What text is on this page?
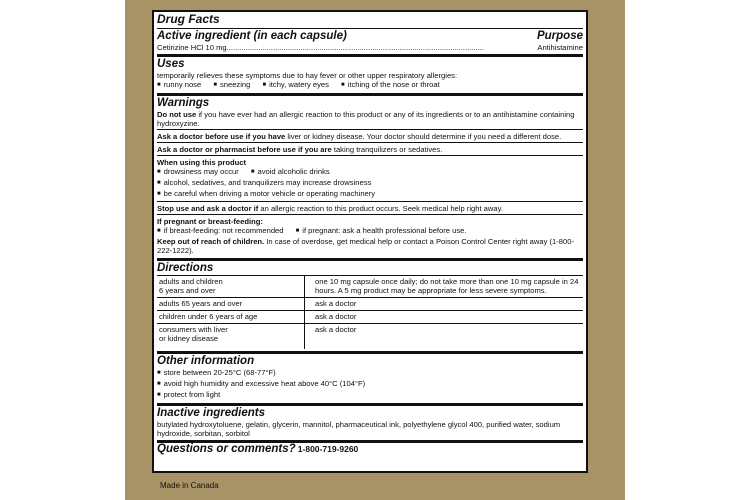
Drug Facts
Active ingredient (in each capsule)	Purpose
Cetirizine HCl 10 mg..........................................................................................................................	Antihistamine
Uses
temporarily relieves these symptoms due to hay fever or other upper respiratory allergies:
■ runny nose ■ sneezing ■ itchy, watery eyes ■ itching of the nose or throat
Warnings
Do not use if you have ever had an allergic reaction to this product or any of its ingredients or to an antihistamine containing hydroxyzine.
Ask a doctor before use if you have liver or kidney disease. Your doctor should determine if you need a different dose.
Ask a doctor or pharmacist before use if you are taking tranquilizers or sedatives.
When using this product
■ drowsiness may occur ■ avoid alcoholic drinks
■ alcohol, sedatives, and tranquilizers may increase drowsiness
■ be careful when driving a motor vehicle or operating machinery
Stop use and ask a doctor if an allergic reaction to this product occurs. Seek medical help right away.
If pregnant or breast-feeding:
■ if breast-feeding: not recommended ■ if pregnant: ask a health professional before use.
Keep out of reach of children. In case of overdose, get medical help or contact a Poison Control Center right away (1-800-222-1222).
Directions
adults and children
6 years and over	one 10 mg capsule once daily; do not take more than one 10 mg capsule in 24 hours. A 5 mg product may be appropriate for less severe symptoms.
adults 65 years and over	ask a doctor
children under 6 years of age	ask a doctor
consumers with liver
or kidney disease	ask a doctor
Other information
■ store between 20-25°C (68-77°F)
■ avoid high humidity and excessive heat above 40°C (104°F)
■ protect from light
Inactive ingredients
butylated hydroxytoluene, gelatin, glycerin, mannitol, pharmaceutical ink, polyethylene glycol 400, purified water, sodium hydroxide, sorbitan, sorbitol
Questions or comments? 1-800-719-9260
Made in Canada
